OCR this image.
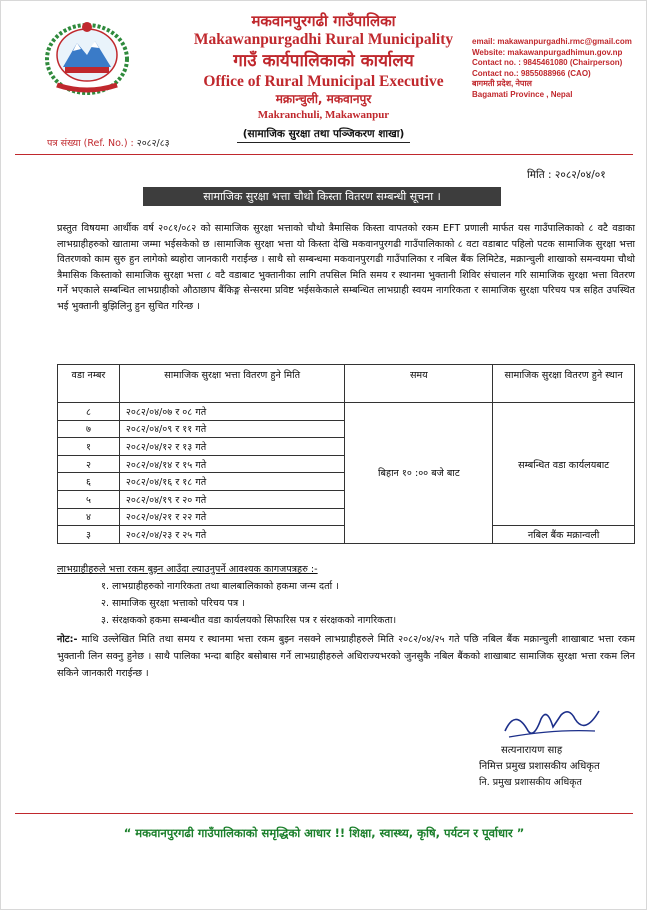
मकवानपुरगढी गाउँपालिका
Makawanpurgadhi Rural Municipality
गाउँ कार्यपालिकाको कार्यालय
Office of Rural Municipal Executive
मक्रान्चुली, मकवानपुर
Makranchuli, Makawanpur
(सामाजिक सुरक्षा तथा पञ्जिकरण शाखा)
email: makawanpurgadhi.rmc@gmail.com
Website: makawanpurgadhimun.gov.np
Contact no. : 9845461080 (Chairperson)
Contact no.: 9855088966 (CAO)
बागमती प्रदेश, नेपाल
Bagamati Province , Nepal
पत्र संख्या (Ref. No.) : २०८२/८३
मिति : २०८२/०४/०१
सामाजिक सुरक्षा भत्ता चौथो किस्ता वितरण सम्बन्धी सूचना ।
प्रस्तुत विषयमा आर्थीक वर्ष २०८१/०८२ को सामाजिक सुरक्षा भत्ताको चौथो त्रैमासिक किस्ता वापतको रकम EFT प्रणाली मार्फत यस गाउँपालिकाको ८ वटै वडाका लाभग्राहीहरुको खातामा जम्मा भईसकेको छ ।सामाजिक सुरक्षा भत्ता यो किस्ता देखि मकवानपुरगढी गाउँपालिकाको ८ वटा वडाबाट पहिलो पटक सामाजिक सुरक्षा भत्ता वितरणको काम सुरु हुन लागेको ब्यहोरा जानकारी गराईन्छ । साथै सो सम्बन्धमा मकवानपुरगढी गाउँपालिका र नबिल बैंक लिमिटेड, मक्रान्चुली शाखाको समन्वयमा चौथो त्रैमासिक किस्ताको सामाजिक सुरक्षा भत्ता ८ वटै वडाबाट भुक्तानीका लागि तपसिल मिति समय र स्थानमा भुक्तानी शिविर संचालन गरि सामाजिक सुरक्षा भत्ता वितरण गर्ने भएकाले सम्बन्धित लाभग्राहीको औठाछाप बैंकिङ्ग सेन्सरमा प्रविष्ट भईसकेकाले सम्बन्धित लाभग्राही स्वयम नागरिकता र सामाजिक सुरक्षा परिचय पत्र सहित उपस्थित भई भुक्तानी बुझिलिनु हुन सुचित गरिन्छ ।
वडा नम्बर	सामाजिक सुरक्षा भत्ता वितरण हुने मिति	समय	सामाजिक सुरक्षा वितरण हुने स्थान
८	२०८२/०४/०७ र ०८ गते	बिहान १० :०० बजे बाट	सम्बन्धित वडा कार्यलयबाट
७	२०८२/०४/०९ र ११ गते		
१	२०८२/०४/१२ र १३ गते		
२	२०८२/०४/१४ र १५ गते		
६	२०८२/०४/१६ र १८ गते		
५	२०८२/०४/१९ र २० गते		
४	२०८२/०४/२१ र २२ गते		
३	२०८२/०४/२३ र २५ गते		नबिल बैंक मक्रान्वली
लाभग्राहीहरुले भत्ता रकम बुझ्न आउँदा ल्याउनुपर्ने आवश्यक कागजपत्रहरु :-
१. लाभग्राहीहरुको नागरिकता तथा बालबालिकाको हकमा जन्म दर्ता ।
२. सामाजिक सुरक्षा भत्ताको परिचय पत्र ।
३. संरक्षकको हकमा सम्बन्धीत वडा कार्यलयको सिफारिस पत्र र संरक्षकको नागरिकता।
नोट:- माथि उल्लेखित मिति तथा समय र स्थानमा भत्ता रकम बुझ्न नसक्ने लाभग्राहीहरुले मिति २०८२/०४/२५ गते पछि नबिल बैंक मक्रान्चुली शाखाबाट भत्ता रकम भुक्तानी लिन सक्नु हुनेछ । साथै पालिका भन्दा बाहिर बसोबास गर्ने लाभग्राहीहरुले अधिराज्यभरको जुनसुकै नबिल बैंकको शाखाबाट सामाजिक सुरक्षा भत्ता रकम लिन सकिने जानकारी गराईन्छ ।
सत्यनारायण साह
निमित्त प्रमुख प्रशासकीय अधिकृत
नि. प्रमुख प्रशासकीय अधिकृत
“ मकवानपुरगढी गाउँपालिकाको समृद्धिको आधार !! शिक्षा, स्वास्थ्य, कृषि, पर्यटन र पूर्वाधार ”
